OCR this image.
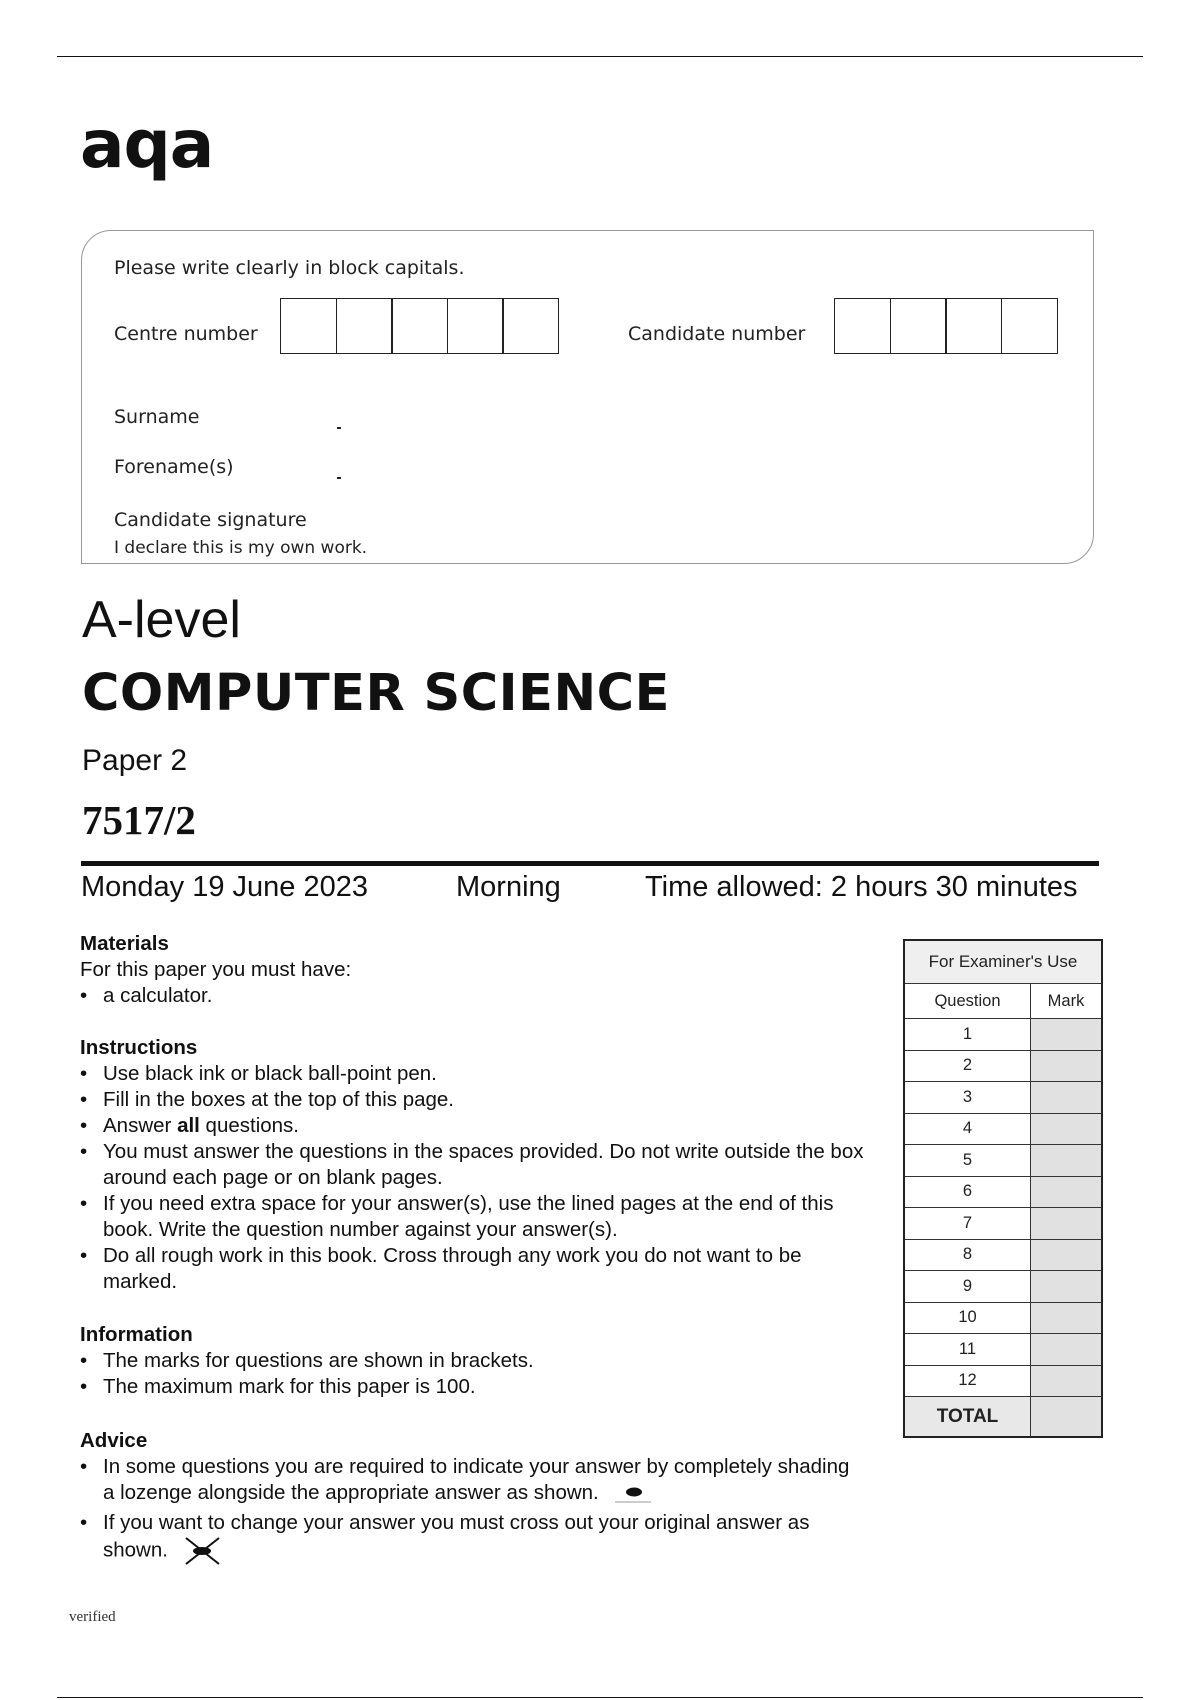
aqa
Please write clearly in block capitals.
Centre number	Candidate number
Surname
Forename(s)
Candidate signature
I declare this is my own work.
A-level
COMPUTER SCIENCE
Paper 2
7517/2
Monday 19 June 2023	Morning	Time allowed: 2 hours 30 minutes
Materials

For this paper you must have:

• a calculator.
Instructions
• Use black ink or black ball-point pen.
• Fill in the boxes at the top of this page.
• Answer all questions.
• You must answer the questions in the spaces provided. Do not write outside the box around each page or on blank pages.
• If you need extra space for your answer(s), use the lined pages at the end of this book. Write the question number against your answer(s).
• Do all rough work in this book. Cross through any work you do not want to be marked.
Information
• The marks for questions are shown in brackets.
• The maximum mark for this paper is 100.
Advice
• In some questions you are required to indicate your answer by completely shading a lozenge alongside the appropriate answer as shown.
• If you want to change your answer you must cross out your original answer as shown.
For Examiner's Use	
Question	Mark
1	
2	
3	
4	
5	
6	
7	
8	
9	
10	
11	
12	
TOTAL	
verified
